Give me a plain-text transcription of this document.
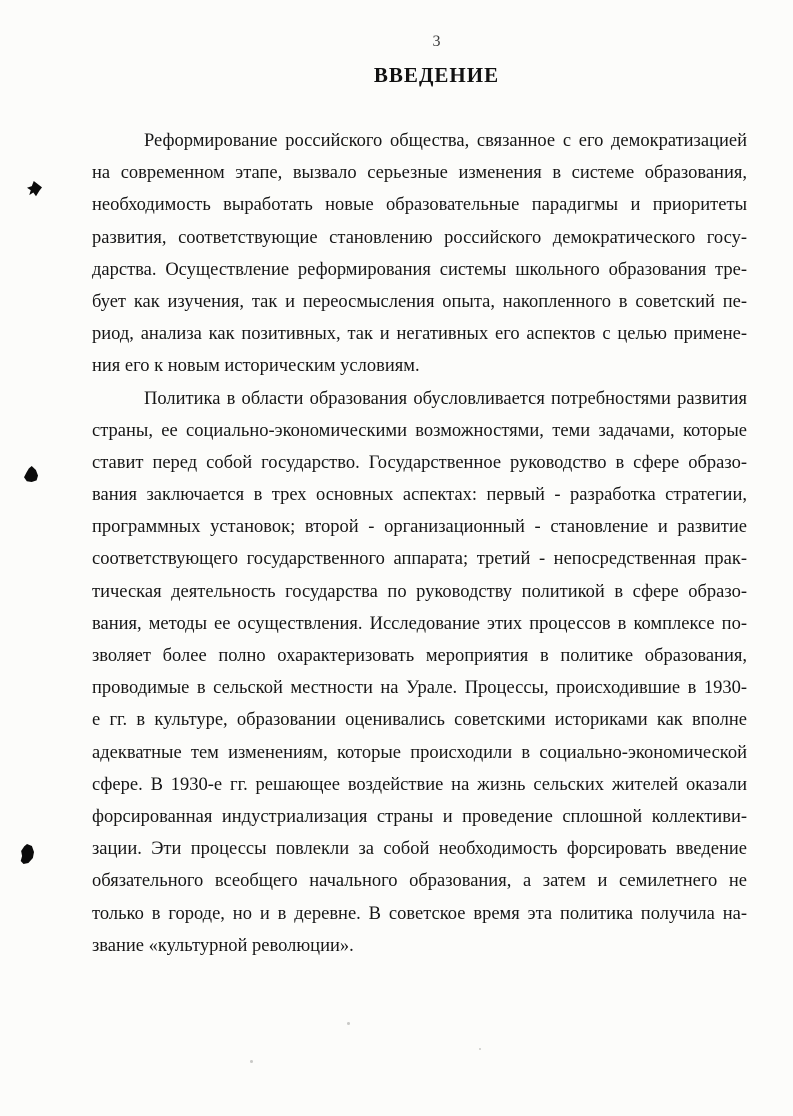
3
ВВЕДЕНИЕ
Реформирование российского общества, связанное с его демократизацией
на современном этапе, вызвало серьезные изменения в системе образования,
необходимость выработать новые образовательные парадигмы и приоритеты
развития, соответствующие становлению российского демократического госу-
дарства. Осуществление реформирования системы школьного образования тре-
бует как изучения, так и переосмысления опыта, накопленного в советский пе-
риод, анализа как позитивных, так и негативных его аспектов с целью примене-
ния его к новым историческим условиям.
Политика в области образования обусловливается потребностями развития
страны, ее социально-экономическими возможностями, теми задачами, которые
ставит перед собой государство. Государственное руководство в сфере образо-
вания заключается в трех основных аспектах: первый - разработка стратегии,
программных установок; второй - организационный - становление и развитие
соответствующего государственного аппарата; третий - непосредственная прак-
тическая деятельность государства по руководству политикой в сфере образо-
вания, методы ее осуществления. Исследование этих процессов в комплексе по-
зволяет более полно охарактеризовать мероприятия в политике образования,
проводимые в сельской местности на Урале. Процессы, происходившие в 1930-
е гг. в культуре, образовании оценивались советскими историками как вполне
адекватные тем изменениям, которые происходили в социально-экономической
сфере. В 1930-е гг. решающее воздействие на жизнь сельских жителей оказали
форсированная индустриализация страны и проведение сплошной коллективи-
зации. Эти процессы повлекли за собой необходимость форсировать введение
обязательного всеобщего начального образования, а затем и семилетнего не
только в городе, но и в деревне. В советское время эта политика получила на-
звание «культурной революции».
